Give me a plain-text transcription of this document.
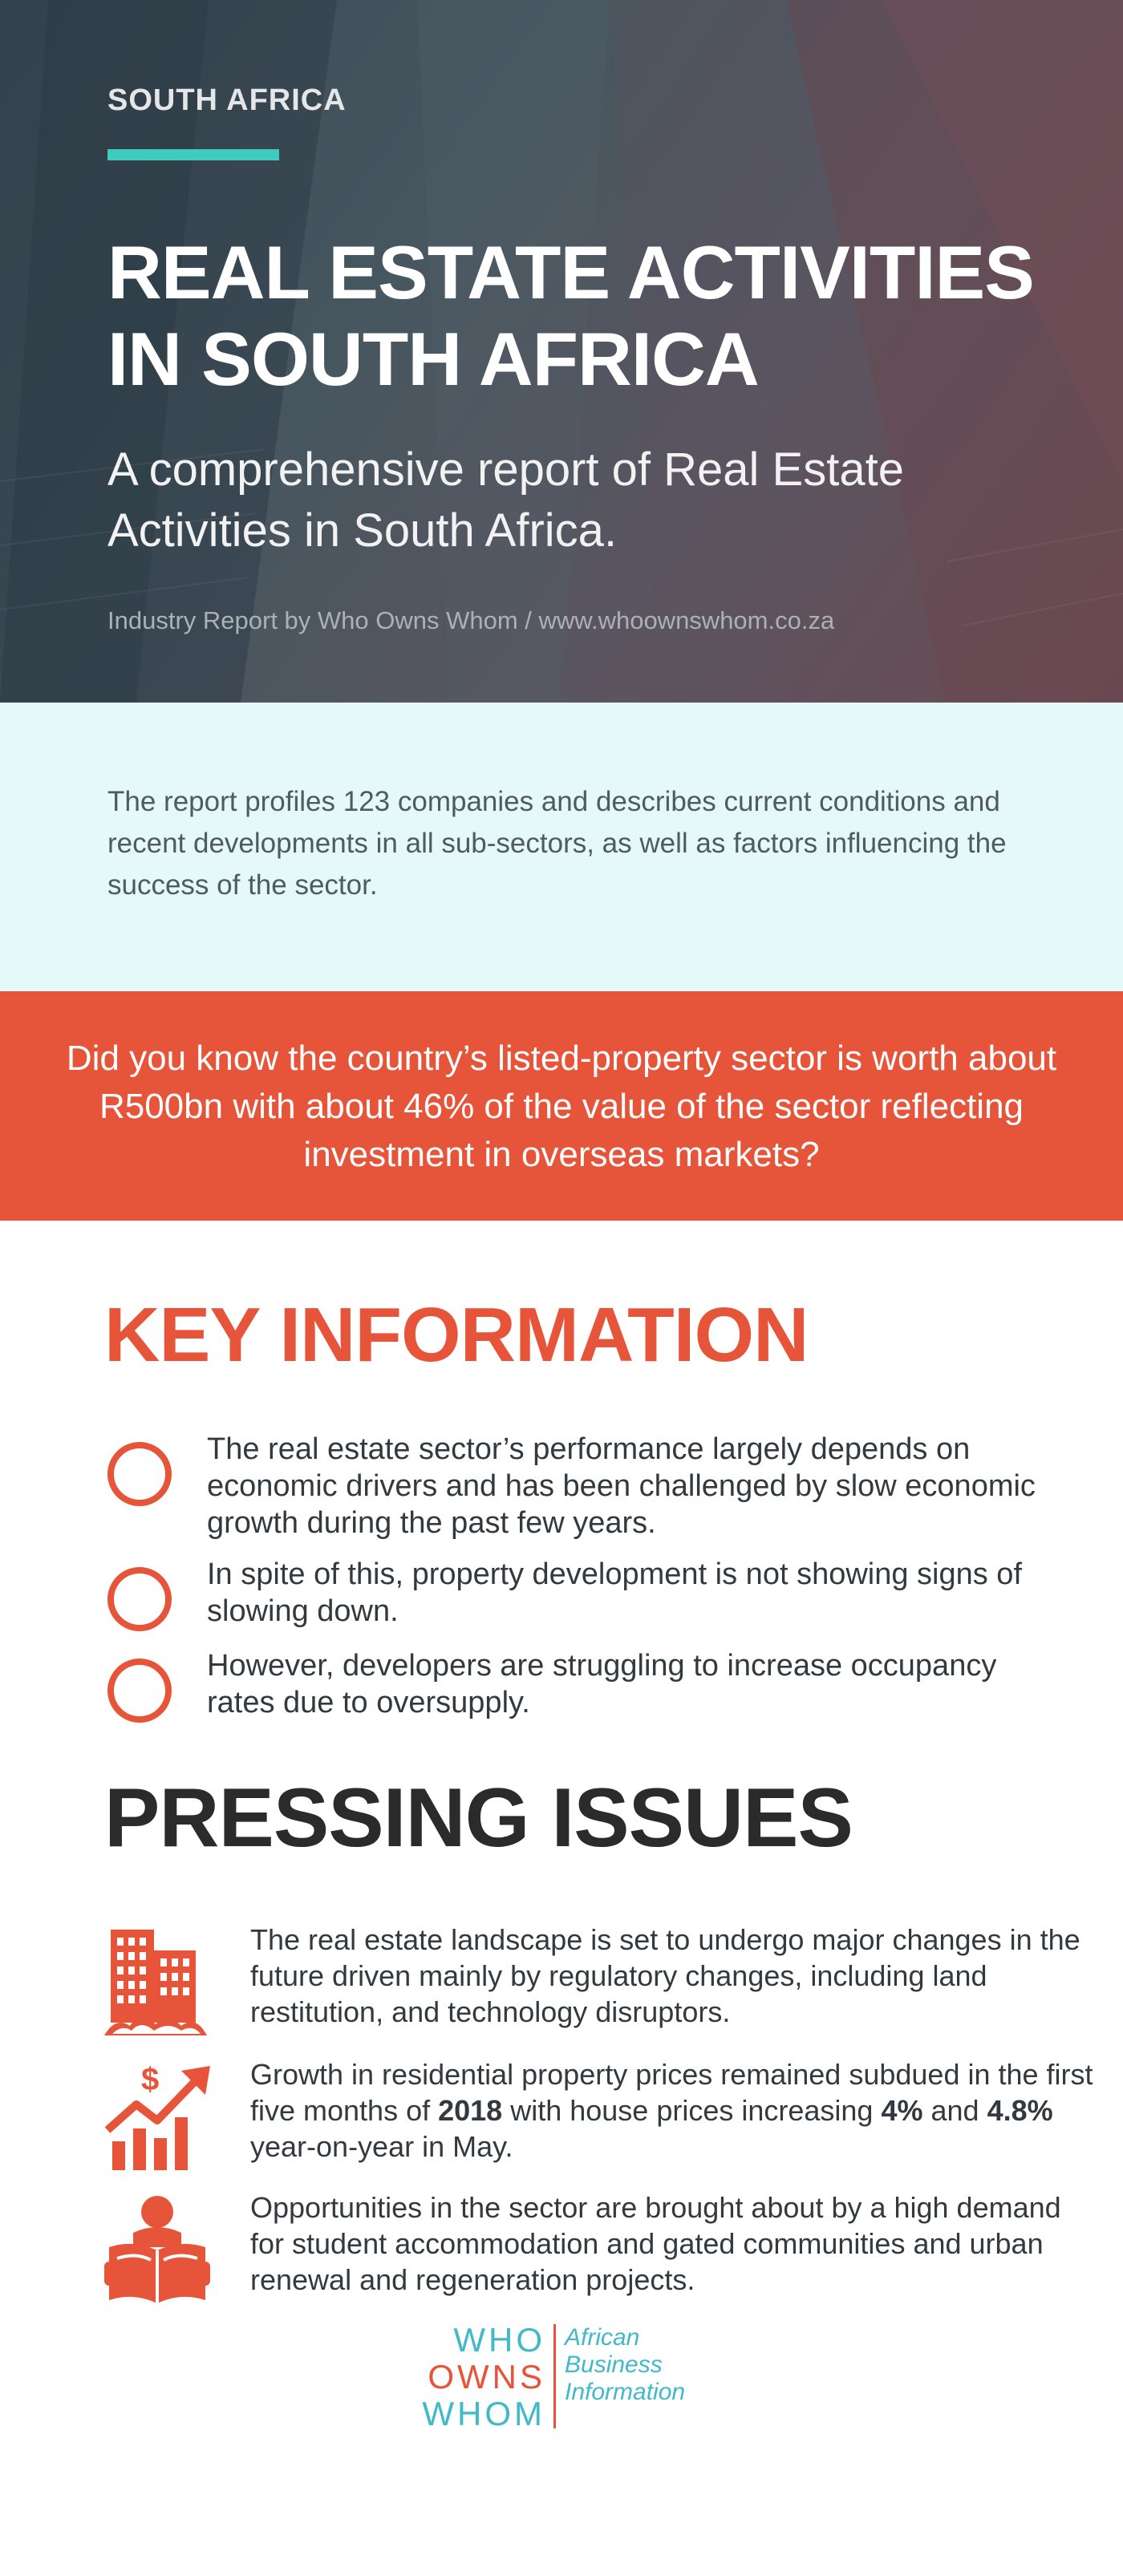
SOUTH AFRICA
REAL ESTATE ACTIVITIES IN SOUTH AFRICA
A comprehensive report of Real Estate Activities in South Africa.
Industry Report by Who Owns Whom / www.whoownswhom.co.za

The report profiles 123 companies and describes current conditions and recent developments in all sub-sectors, as well as factors influencing the success of the sector.

Did you know the country’s listed-property sector is worth about R500bn with about 46% of the value of the sector reflecting investment in overseas markets?

KEY INFORMATION
The real estate sector’s performance largely depends on economic drivers and has been challenged by slow economic growth during the past few years.
In spite of this, property development is not showing signs of slowing down.
However, developers are struggling to increase occupancy rates due to oversupply.
PRESSING ISSUES
The real estate landscape is set to undergo major changes in the future driven mainly by regulatory changes, including land restitution, and technology disruptors.
$	Growth in residential property prices remained subdued in the first five months of 2018 with house prices increasing 4% and 4.8% year-on-year in May.
Opportunities in the sector are brought about by a high demand for student accommodation and gated communities and urban renewal and regeneration projects.
WHO
OWNS
WHOM
African
Business
Information
